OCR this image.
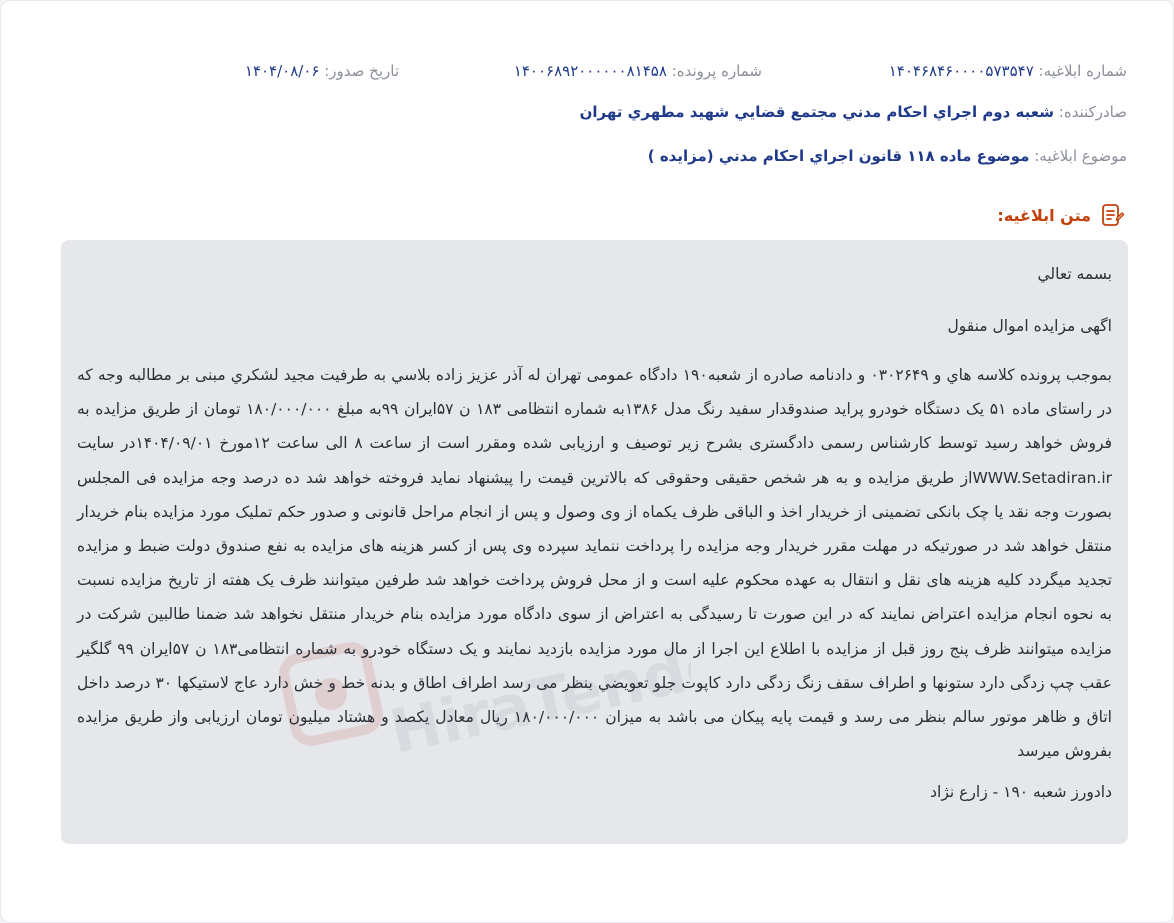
شماره ابلاغيه: ۱۴۰۴۶۸۴۶۰۰۰۰۵۷۳۵۴۷
شماره پرونده: ۱۴۰۰۶۸۹۲۰۰۰۰۰۰۸۱۴۵۸
تاریخ صدور: ۱۴۰۴/۰۸/۰۶
صادرکننده: شعبه دوم اجراي احكام مدني مجتمع قضايي شهيد مطهري تهران
موضوع ابلاغيه: موضوع ماده ۱۱۸ قانون اجراي احكام مدني (مزايده )
متن ابلاغيه:
HiraTender.net
بسمه تعالي
اگهی مزایده اموال منقول
بموجب پرونده كلاسه هاي و ۰۳۰۲۶۴۹ و دادنامه صادره از شعبه۱۹۰ دادگاه عمومی تهران له آذر عزيز زاده بلاسي به طرفيت مجيد لشكري مبنی بر مطالبه وجه كه در راستای ماده ۵۱ یک دستگاه خودرو پرايد صندوقدار سفيد رنگ مدل ۱۳۸۶به شماره انتظامی ۱۸۳ ن ۵۷ايران ۹۹به مبلغ ۱۸۰/۰۰۰/۰۰۰ تومان از طریق مزایده به فروش خواهد رسید توسط کارشناس رسمی دادگستری بشرح زیر توصیف و ارزیابی شده ومقرر است از ساعت ۸ الی ساعت ۱۲مورخ ۱۴۰۴/۰۹/۰۱در سایت WWW.Setadiran.irاز طریق مزایده و به هر شخص حقیقی وحقوقی که بالاترین قیمت را پیشنهاد نماید فروخته خواهد شد ده درصد وجه مزایده فی المجلس بصورت وجه نقد یا چک بانکی تضمینی از خریدار اخذ و الباقی ظرف یکماه از وی وصول و پس از انجام مراحل قانونی و صدور حکم تملیک مورد مزایده بنام خریدار منتقل خواهد شد در صورتیکه در مهلت مقرر خریدار وجه مزایده را پرداخت ننماید سپرده وی پس از کسر هزینه های مزایده به نفع صندوق دولت ضبط و مزایده تجدید میگردد کلیه هزینه های نقل و انتقال به عهده محکوم علیه است و از محل فروش پرداخت خواهد شد طرفین میتوانند ظرف یک هفته از تاریخ مزایده نسبت به نحوه انجام مزایده اعتراض نمایند که در این صورت تا رسیدگی به اعتراض از سوی دادگاه مورد مزایده بنام خریدار منتقل نخواهد شد ضمنا طالبین شرکت در مزایده میتوانند ظرف پنج روز قبل از مزایده با اطلاع این اجرا از مال مورد مزایده بازدید نمایند و یک دستگاه خودرو به شماره انتظامی۱۸۳ ن ۵۷ایران ۹۹ گلگیر عقب چپ زدگی دارد ستونها و اطراف سقف زنگ زدگی دارد كاپوت جلو تعويضي بنظر می رسد اطراف اطاق و بدنه خط و خش دارد عاج لاستيكها ۳۰ درصد داخل اتاق و ظاهر موتور سالم بنظر می رسد و قيمت پايه پيكان می باشد به ميزان ۱۸۰/۰۰۰/۰۰۰ ريال معادل يكصد و هشتاد ميليون تومان ارزيابی واز طريق مزايده بفروش ميرسد
دادورز شعبه ۱۹۰ - زارع نژاد
